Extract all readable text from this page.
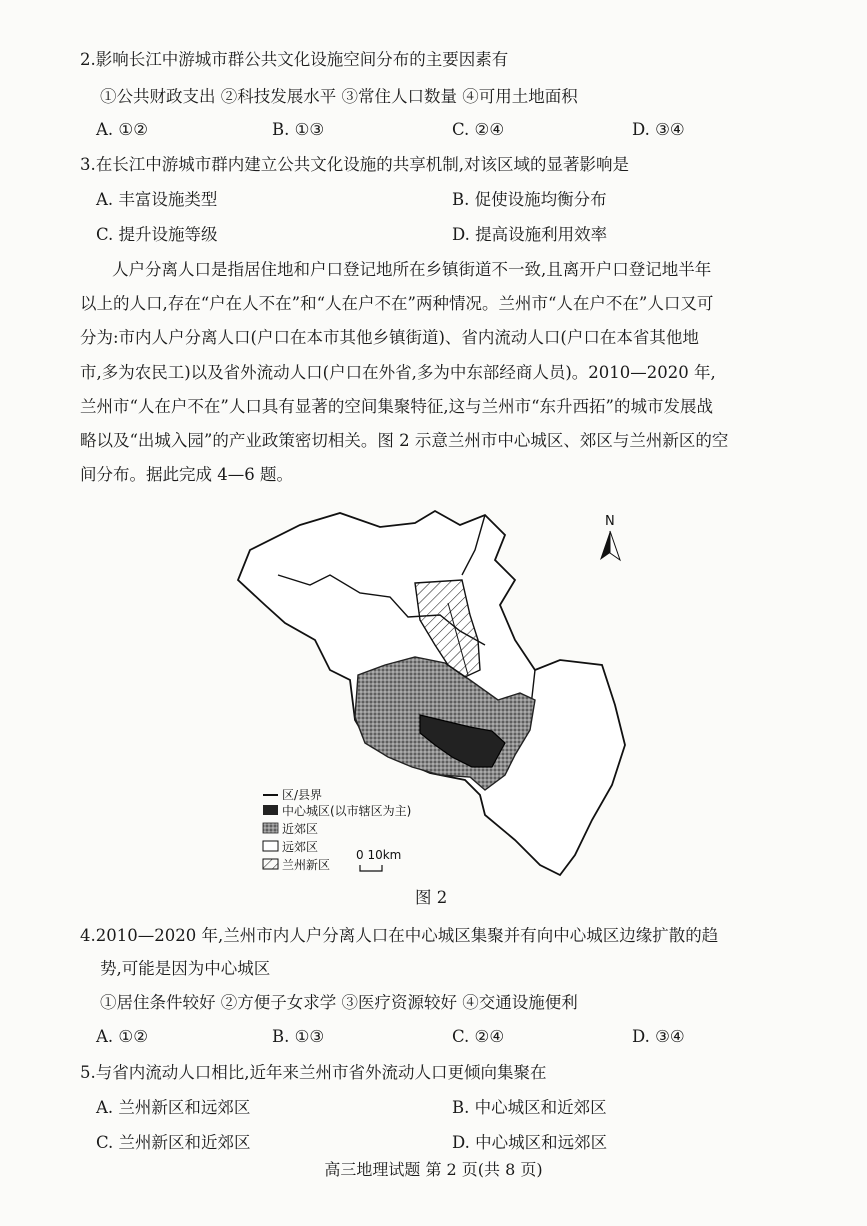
2.影响长江中游城市群公共文化设施空间分布的主要因素有
①公共财政支出 ②科技发展水平 ③常住人口数量 ④可用土地面积
A. ①②	B. ①③	C. ②④	D. ③④
3.在长江中游城市群内建立公共文化设施的共享机制,对该区域的显著影响是
A. 丰富设施类型	B. 促使设施均衡分布
C. 提升设施等级	D. 提高设施利用效率
人户分离人口是指居住地和户口登记地所在乡镇街道不一致,且离开户口登记地半年
以上的人口,存在“户在人不在”和“人在户不在”两种情况。兰州市“人在户不在”人口又可
分为:市内人户分离人口(户口在本市其他乡镇街道)、省内流动人口(户口在本省其他地
市,多为农民工)以及省外流动人口(户口在外省,多为中东部经商人员)。2010—2020 年,
兰州市“人在户不在”人口具有显著的空间集聚特征,这与兰州市“东升西拓”的城市发展战
略以及“出城入园”的产业政策密切相关。图 2 示意兰州市中心城区、郊区与兰州新区的空
间分布。据此完成 4—6 题。
N
区/县界
中心城区(以市辖区为主)
近郊区
远郊区
兰州新区
0 10km
图 2
4.2010—2020 年,兰州市内人户分离人口在中心城区集聚并有向中心城区边缘扩散的趋
势,可能是因为中心城区
①居住条件较好 ②方便子女求学 ③医疗资源较好 ④交通设施便利
A. ①②	B. ①③	C. ②④	D. ③④
5.与省内流动人口相比,近年来兰州市省外流动人口更倾向集聚在
A. 兰州新区和远郊区	B. 中心城区和近郊区
C. 兰州新区和近郊区	D. 中心城区和远郊区
高三地理试题 第 2 页(共 8 页)
